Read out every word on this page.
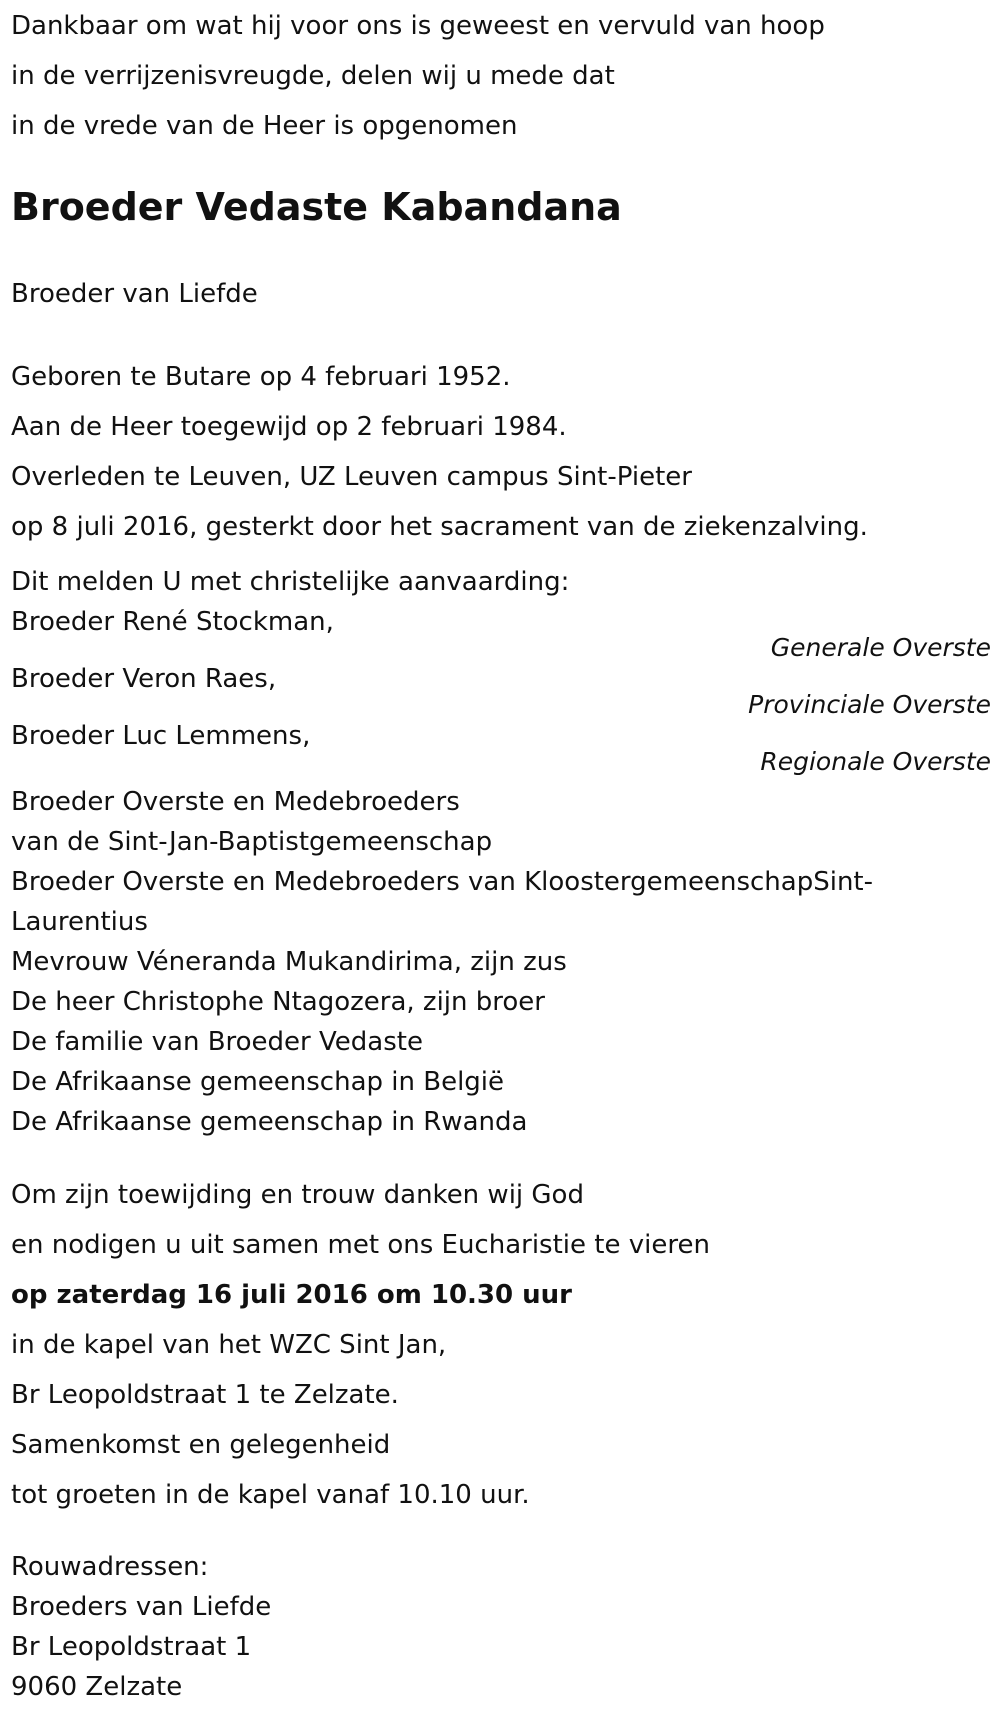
Dankbaar om wat hij voor ons is geweest en vervuld van hoop

in de verrijzenisvreugde, delen wij u mede dat

in de vrede van de Heer is opgenomen

Broeder Vedaste Kabandana
Broeder van Liefde

Geboren te Butare op 4 februari 1952.

Aan de Heer toegewijd op 2 februari 1984.

Overleden te Leuven, UZ Leuven campus Sint-Pieter

op 8 juli 2016, gesterkt door het sacrament van de ziekenzalving.

Dit melden U met christelijke aanvaarding:
Broeder René Stockman,
Generale Overste
Broeder Veron Raes,
Provinciale Overste
Broeder Luc Lemmens,
Regionale Overste

Broeder Overste en Medebroeders

van de Sint-Jan-Baptistgemeenschap

Broeder Overste en Medebroeders van KloostergemeenschapSint-Laurentius

Mevrouw Véneranda Mukandirima, zijn zus

De heer Christophe Ntagozera, zijn broer

De familie van Broeder Vedaste

De Afrikaanse gemeenschap in België

De Afrikaanse gemeenschap in Rwanda

Om zijn toewijding en trouw danken wij God

en nodigen u uit samen met ons Eucharistie te vieren

op zaterdag 16 juli 2016 om 10.30 uur

in de kapel van het WZC Sint Jan,

Br Leopoldstraat 1 te Zelzate.

Samenkomst en gelegenheid

tot groeten in de kapel vanaf 10.10 uur.

Rouwadressen:

Broeders van Liefde

Br Leopoldstraat 1

9060 Zelzate
